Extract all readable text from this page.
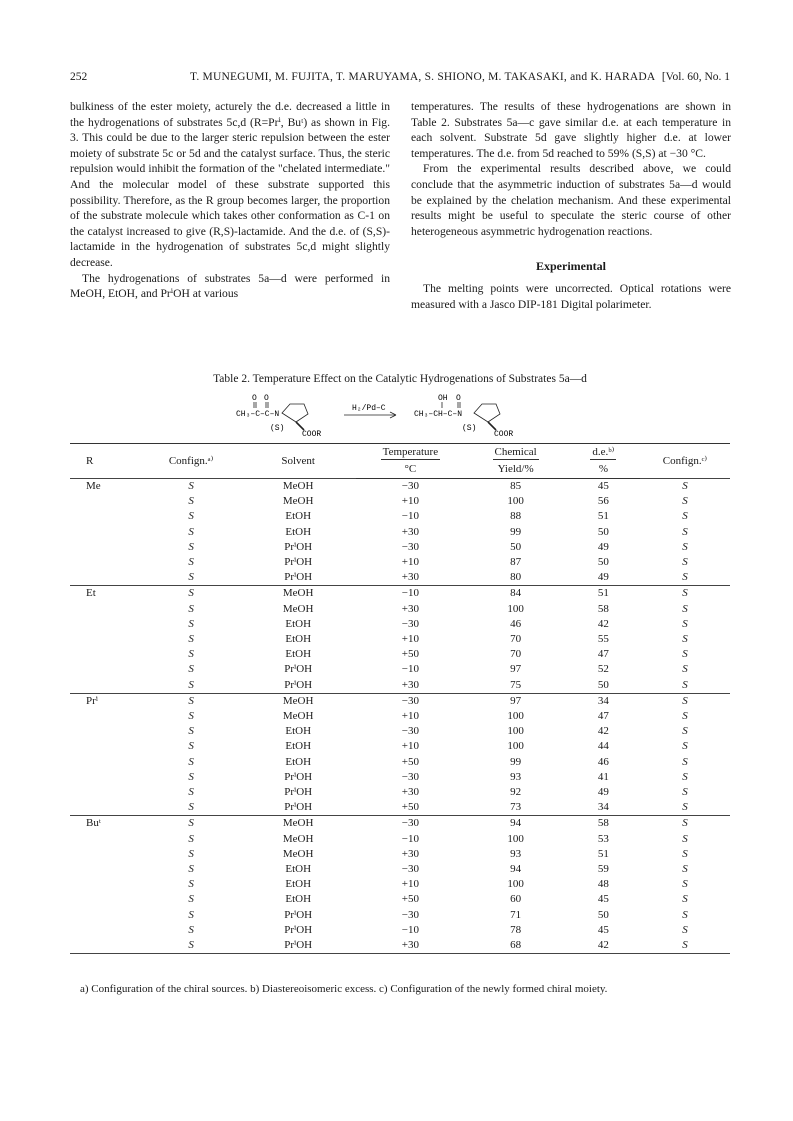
252	T. MUNEGUMI, M. FUJITA, T. MARUYAMA, S. SHIONO, M. TAKASAKI, and K. HARADA [Vol. 60, No. 1

bulkiness of the ester moiety, acturely the d.e. decreased a little in the hydrogenations of substrates 5c,d (R=Prⁱ, Buᵗ) as shown in Fig. 3. This could be due to the larger steric repulsion between the ester moiety of substrate 5c or 5d and the catalyst surface. Thus, the steric repulsion would inhibit the formation of the "chelated intermediate." And the molecular model of these substrate supported this possibility. Therefore, as the R group becomes larger, the proportion of the substrate molecule which takes other conformation as C-1 on the catalyst increased to give (R,S)-lactamide. And the d.e. of (S,S)-lactamide in the hydrogenation of substrates 5c,d might slightly decrease.

The hydrogenations of substrates 5a—d were performed in MeOH, EtOH, and PrⁱOH at various

temperatures. The results of these hydrogenations are shown in Table 2. Substrates 5a—c gave similar d.e. at each temperature in each solvent. Substrate 5d gave slightly higher d.e. at lower temperatures. The d.e. from 5d reached to 59% (S,S) at −30 °C.

From the experimental results described above, we could conclude that the asymmetric induction of substrates 5a—d would be explained by the chelation mechanism. And these experimental results might be useful to speculate the steric course of other heterogeneous asymmetric hydrogenation reactions.

Experimental

The melting points were uncorrected. Optical rotations were measured with a Jasco DIP-181 Digital polarimeter.

Table 2. Temperature Effect on the Catalytic Hydrogenations of Substrates 5a—d
O O
CH₃–C–C–N
(S)
COOR
H₂/Pd–C
OH O
CH₃–CH–C–N
(S)
COOR
R	Confign.ᵃ⁾	Solvent	Temperature	Chemical	d.e.ᵇ⁾	Confign.ᶜ⁾
			°C	Yield/%	%	
Me	S	MeOH	−30	85	45	S
	S	MeOH	+10	100	56	S
	S	EtOH	−10	88	51	S
	S	EtOH	+30	99	50	S
	S	PrⁱOH	−30	50	49	S
	S	PrⁱOH	+10	87	50	S
	S	PrⁱOH	+30	80	49	S
Et	S	MeOH	−10	84	51	S
	S	MeOH	+30	100	58	S
	S	EtOH	−30	46	42	S
	S	EtOH	+10	70	55	S
	S	EtOH	+50	70	47	S
	S	PrⁱOH	−10	97	52	S
	S	PrⁱOH	+30	75	50	S
Prⁱ	S	MeOH	−30	97	34	S
	S	MeOH	+10	100	47	S
	S	EtOH	−30	100	42	S
	S	EtOH	+10	100	44	S
	S	EtOH	+50	99	46	S
	S	PrⁱOH	−30	93	41	S
	S	PrⁱOH	+30	92	49	S
	S	PrⁱOH	+50	73	34	S
Buᵗ	S	MeOH	−30	94	58	S
	S	MeOH	−10	100	53	S
	S	MeOH	+30	93	51	S
	S	EtOH	−30	94	59	S
	S	EtOH	+10	100	48	S
	S	EtOH	+50	60	45	S
	S	PrⁱOH	−30	71	50	S
	S	PrⁱOH	−10	78	45	S
	S	PrⁱOH	+30	68	42	S
a) Configuration of the chiral sources. b) Diastereoisomeric excess. c) Configuration of the newly formed chiral moiety.
